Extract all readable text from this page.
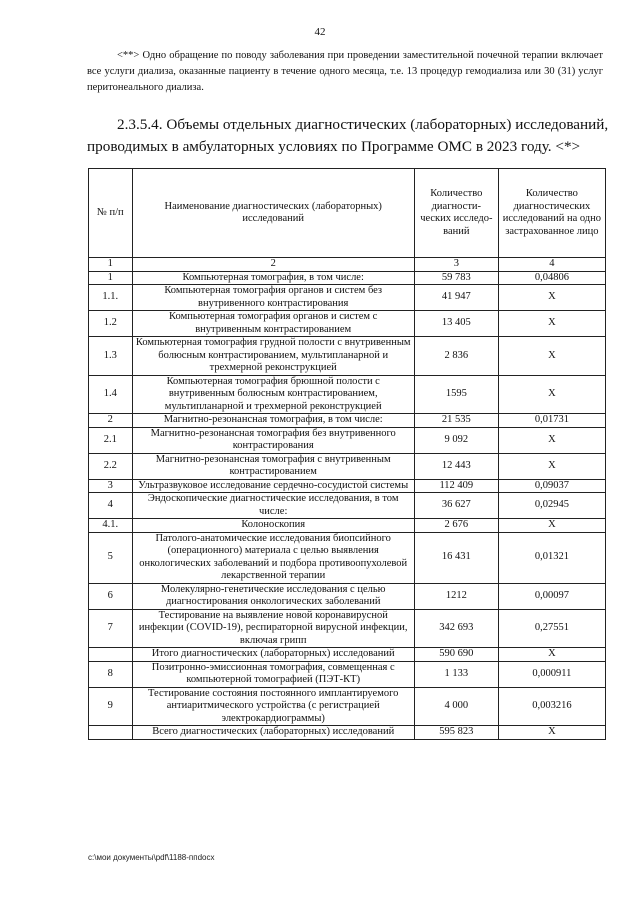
42

<**> Одно обращение по поводу заболевания при проведении заместительной почечной терапии включает все услуги диализа, оказанные пациенту в течение одного месяца, т.е. 13 процедур гемодиализа или 30 (31) услуг перитонеального диализа.

2.3.5.4. Объемы отдельных диагностических (лабораторных) исследований, проводимых в амбулаторных условиях по Программе ОМС в 2023 году. <*>

№ п/п	Наименование диагностических (лабораторных) исследований	Количество диагности-ческих исследо-ваний	Количество диагностических исследований на одно застрахованное лицо
1	2	3	4
1	Компьютерная томография, в том числе:	59 783	0,04806
1.1.	Компьютерная томография органов и систем без внутривенного контрастирования	41 947	X
1.2	Компьютерная томография органов и систем с внутривенным контрастированием	13 405	X
1.3	Компьютерная томография грудной полости с внутривенным болюсным контрастированием, мультипланарной и трехмерной реконструкцией	2 836	X
1.4	Компьютерная томография брюшной полости с внутривенным болюсным контрастированием, мультипланарной и трехмерной реконструкцией	1595	X
2	Магнитно-резонансная томография, в том числе:	21 535	0,01731
2.1	Магнитно-резонансная томография без внутривенного контрастирования	9 092	X
2.2	Магнитно-резонансная томография с внутривенным контрастированием	12 443	X
3	Ультразвуковое исследование сердечно-сосудистой системы	112 409	0,09037
4	Эндоскопические диагностические исследования, в том числе:	36 627	0,02945
4.1.	Колоноскопия	2 676	X
5	Патолого-анатомические исследования биопсийного (операционного) материала с целью выявления онкологических заболеваний и подбора противоопухолевой лекарственной терапии	16 431	0,01321
6	Молекулярно-генетические исследования с целью диагностирования онкологических заболеваний	1212	0,00097
7	Тестирование на выявление новой коронавирусной инфекции (COVID-19), респираторной вирусной инфекции, включая грипп	342 693	0,27551
	Итого диагностических (лабораторных) исследований	590 690	X
8	Позитронно-эмиссионная томография, совмещенная с компьютерной томографией (ПЭТ-КТ)	1 133	0,000911
9	Тестирование состояния постоянного имплантируемого антиаритмического устройства (с регистрацией электрокардиограммы)	4 000	0,003216
	Всего диагностических (лабораторных) исследований	595 823	X
c:\мои документы\pdf\1188-ппdocx
